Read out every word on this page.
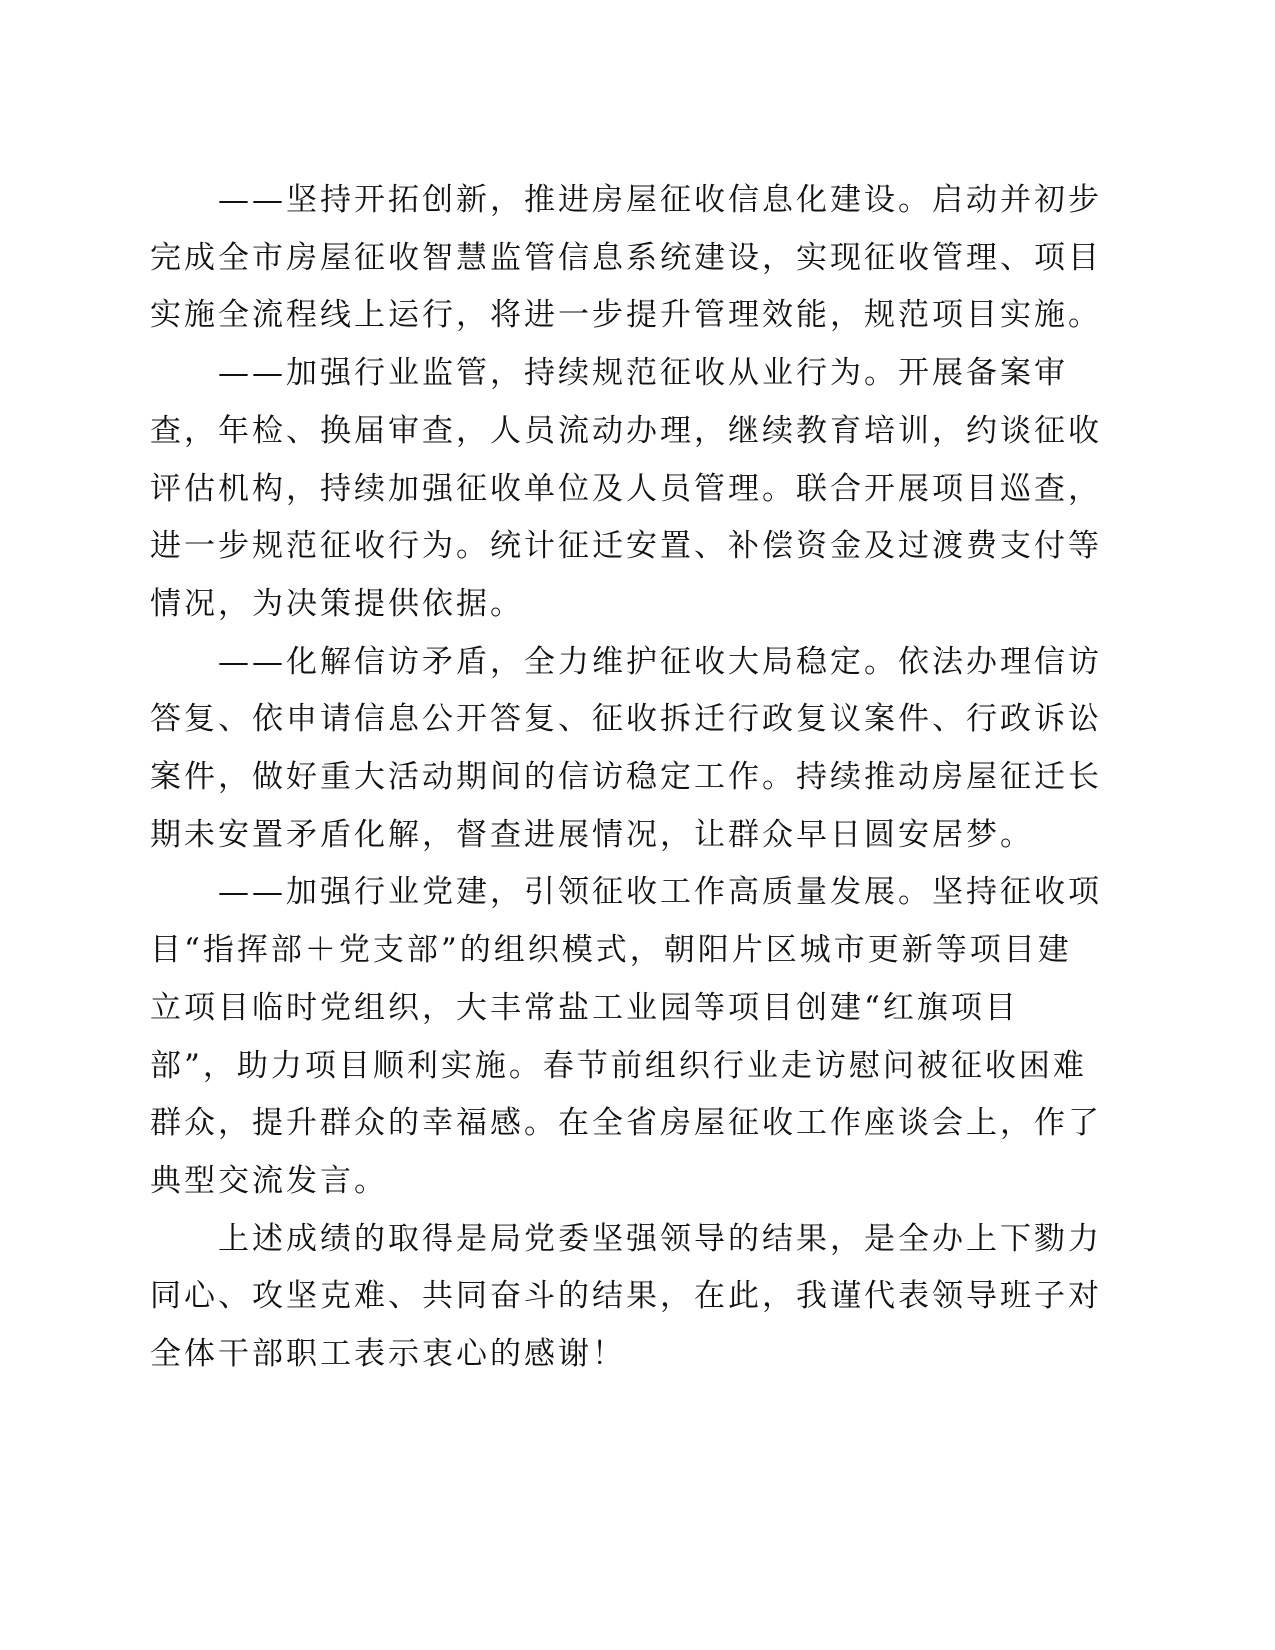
——坚持开拓创新，推进房屋征收信息化建设。启动并初步
完成全市房屋征收智慧监管信息系统建设，实现征收管理、项目
实施全流程线上运行，将进一步提升管理效能，规范项目实施。

——加强行业监管，持续规范征收从业行为。开展备案审
查，年检、换届审查，人员流动办理，继续教育培训，约谈征收
评估机构，持续加强征收单位及人员管理。联合开展项目巡查，
进一步规范征收行为。统计征迁安置、补偿资金及过渡费支付等
情况，为决策提供依据。

——化解信访矛盾，全力维护征收大局稳定。依法办理信访
答复、依申请信息公开答复、征收拆迁行政复议案件、行政诉讼
案件，做好重大活动期间的信访稳定工作。持续推动房屋征迁长
期未安置矛盾化解，督查进展情况，让群众早日圆安居梦。

——加强行业党建，引领征收工作高质量发展。坚持征收项
目“指挥部＋党支部”的组织模式，朝阳片区城市更新等项目建
立项目临时党组织，大丰常盐工业园等项目创建“红旗项目
部”，助力项目顺利实施。春节前组织行业走访慰问被征收困难
群众，提升群众的幸福感。在全省房屋征收工作座谈会上，作了
典型交流发言。

上述成绩的取得是局党委坚强领导的结果，是全办上下勠力
同心、攻坚克难、共同奋斗的结果，在此，我谨代表领导班子对
全体干部职工表示衷心的感谢！
